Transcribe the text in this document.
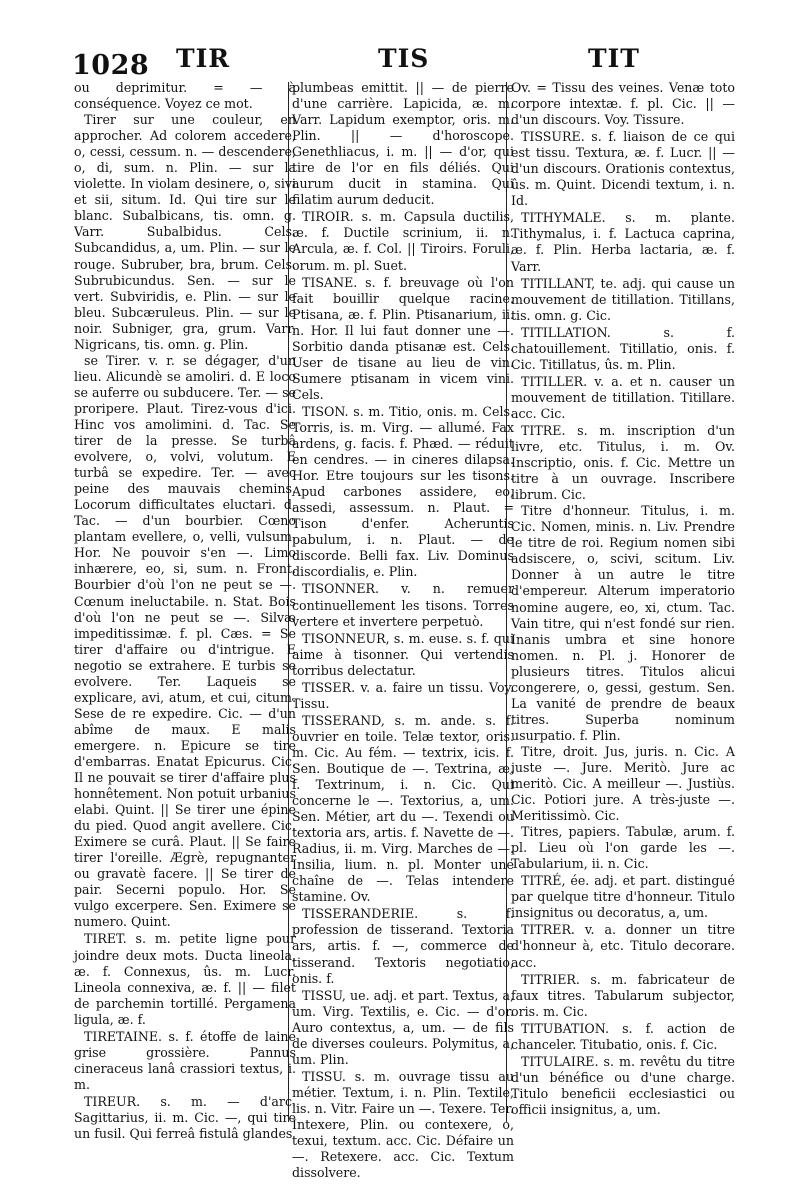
1028 TIR	TIS	TIT

ou deprimitur. = — à conséquence. Voyez ce mot.

Tirer sur une couleur, en approcher. Ad colorem accedere, o, cessi, cessum. n. — descendere, o, di, sum. n. Plin. — sur la violette. In violam desinere, o, sivi et sii, situm. Id. Qui tire sur le blanc. Subalbicans, tis. omn. g. Varr. Subalbidus. Cels. Subcandidus, a, um. Plin. — sur le rouge. Subruber, bra, brum. Cels. Subrubicundus. Sen. — sur le vert. Subviridis, e. Plin. — sur le bleu. Subcæruleus. Plin. — sur le noir. Subniger, gra, grum. Varr. Nigricans, tis. omn. g. Plin.

se Tirer. v. r. se dégager, d'un lieu. Alicundè se amoliri. d. E loco se auferre ou subducere. Ter. — se proripere. Plaut. Tirez-vous d'ici. Hinc vos amolimini. d. Tac. Se tirer de la presse. Se turbâ evolvere, o, volvi, volutum. E turbâ se expedire. Ter. — avec peine des mauvais chemins. Locorum difficultates eluctari. d. Tac. — d'un bourbier. Cœno plantam evellere, o, velli, vulsum. Hor. Ne pouvoir s'en —. Limo inhærere, eo, si, sum. n. Front. Bourbier d'où l'on ne peut se —. Cœnum ineluctabile. n. Stat. Bois d'où l'on ne peut se —. Silvæ impeditissimæ. f. pl. Cæs. = Se tirer d'affaire ou d'intrigue. E negotio se extrahere. E turbis se evolvere. Ter. Laqueis se explicare, avi, atum, et cui, citum. Sese de re expedire. Cic. — d'un abîme de maux. E malis emergere. n. Epicure se tire d'embarras. Enatat Epicurus. Cic. Il ne pouvait se tirer d'affaire plus honnêtement. Non potuit urbanius elabi. Quint. || Se tirer une épine du pied. Quod angit avellere. Cic. Eximere se curâ. Plaut. || Se faire tirer l'oreille. Ægrè, repugnanter ou gravatè facere. || Se tirer de pair. Secerni populo. Hor. Se vulgo excerpere. Sen. Eximere se numero. Quint.

TIRET. s. m. petite ligne pour joindre deux mots. Ducta lineola, æ. f. Connexus, ûs. m. Lucr. Lineola connexiva, æ. f. || — filet de parchemin tortillé. Pergamena ligula, æ. f.

TIRETAINE. s. f. étoffe de laine grise grossière. Pannus cineraceus lanâ crassiori textus, i. m.

TIREUR. s. m. — d'arc. Sagittarius, ii. m. Cic. —, qui tire un fusil. Qui ferreâ fistulâ glandes

plumbeas emittit. || — de pierre d'une carrière. Lapicida, æ. m. Varr. Lapidum exemptor, oris. m. Plin. || — d'horoscope. Genethliacus, i. m. || — d'or, qui tire de l'or en fils déliés. Qui aurum ducit in stamina. Qui filatim aurum deducit.

TIROIR. s. m. Capsula ductilis, æ. f. Ductile scrinium, ii. n. Arcula, æ. f. Col. || Tiroirs. Foruli, orum. m. pl. Suet.

TISANE. s. f. breuvage où l'on fait bouillir quelque racine. Ptisana, æ. f. Plin. Ptisanarium, ii. n. Hor. Il lui faut donner une —. Sorbitio danda ptisanæ est. Cels. User de tisane au lieu de vin. Sumere ptisanam in vicem vini. Cels.

TISON. s. m. Titio, onis. m. Cels. Torris, is. m. Virg. — allumé. Fax ardens, g. facis. f. Phæd. — réduit en cendres. — in cineres dilapsa. Hor. Etre toujours sur les tisons. Apud carbones assidere, eo, assedi, assessum. n. Plaut. = Tison d'enfer. Acheruntis pabulum, i. n. Plaut. — de discorde. Belli fax. Liv. Dominus discordialis, e. Plin.

TISONNER. v. n. remuer continuellement les tisons. Torres vertere et invertere perpetuò.

TISONNEUR, s. m. euse. s. f. qui aime à tisonner. Qui vertendis torribus delectatur.

TISSER. v. a. faire un tissu. Voy. Tissu.

TISSERAND, s. m. ande. s. f. ouvrier en toile. Telæ textor, oris. m. Cic. Au fém. — textrix, icis. f. Sen. Boutique de —. Textrina, æ. f. Textrinum, i. n. Cic. Qui concerne le —. Textorius, a, um. Sen. Métier, art du —. Texendi ou textoria ars, artis. f. Navette de —. Radius, ii. m. Virg. Marches de —. Insilia, lium. n. pl. Monter une chaîne de —. Telas intendere stamine. Ov.

TISSERANDERIE. s. f. profession de tisserand. Textoria ars, artis. f. —, commerce de tisserand. Textoris negotiatio, onis. f.

TISSU, ue. adj. et part. Textus, a, um. Virg. Textilis, e. Cic. — d'or. Auro contextus, a, um. — de fils de diverses couleurs. Polymitus, a, um. Plin.

TISSU. s. m. ouvrage tissu au métier. Textum, i. n. Plin. Textile, lis. n. Vitr. Faire un —. Texere. Ter. Intexere, Plin. ou contexere, o, texui, textum. acc. Cic. Défaire un —. Retexere. acc. Cic. Textum dissolvere.

Ov. = Tissu des veines. Venæ toto corpore intextæ. f. pl. Cic. || — d'un discours. Voy. Tissure.

TISSURE. s. f. liaison de ce qui est tissu. Textura, æ. f. Lucr. || — d'un discours. Orationis contextus, ûs. m. Quint. Dicendi textum, i. n. Id.

TITHYMALE. s. m. plante. Tithymalus, i. f. Lactuca caprina, æ. f. Plin. Herba lactaria, æ. f. Varr.

TITILLANT, te. adj. qui cause un mouvement de titillation. Titillans, tis. omn. g. Cic.

TITILLATION. s. f. chatouillement. Titillatio, onis. f. Cic. Titillatus, ûs. m. Plin.

TITILLER. v. a. et n. causer un mouvement de titillation. Titillare. acc. Cic.

TITRE. s. m. inscription d'un livre, etc. Titulus, i. m. Ov. Inscriptio, onis. f. Cic. Mettre un titre à un ouvrage. Inscribere librum. Cic.

Titre d'honneur. Titulus, i. m. Cic. Nomen, minis. n. Liv. Prendre le titre de roi. Regium nomen sibi adsiscere, o, scivi, scitum. Liv. Donner à un autre le titre d'empereur. Alterum imperatorio nomine augere, eo, xi, ctum. Tac. Vain titre, qui n'est fondé sur rien. Inanis umbra et sine honore nomen. n. Pl. j. Honorer de plusieurs titres. Titulos alicui congerere, o, gessi, gestum. Sen. La vanité de prendre de beaux titres. Superba nominum usurpatio. f. Plin.

Titre, droit. Jus, juris. n. Cic. A juste —. Jure. Meritò. Jure ac meritò. Cic. A meilleur —. Justiùs. Cic. Potiori jure. A très-juste —. Meritissimò. Cic.

Titres, papiers. Tabulæ, arum. f. pl. Lieu où l'on garde les —. Tabularium, ii. n. Cic.

TITRÉ, ée. adj. et part. distingué par quelque titre d'honneur. Titulo insignitus ou decoratus, a, um.

TITRER. v. a. donner un titre d'honneur à, etc. Titulo decorare. acc.

TITRIER. s. m. fabricateur de faux titres. Tabularum subjector, oris. m. Cic.

TITUBATION. s. f. action de chanceler. Titubatio, onis. f. Cic.

TITULAIRE. s. m. revêtu du titre d'un bénéfice ou d'une charge. Titulo beneficii ecclesiastici ou officii insignitus, a, um.
